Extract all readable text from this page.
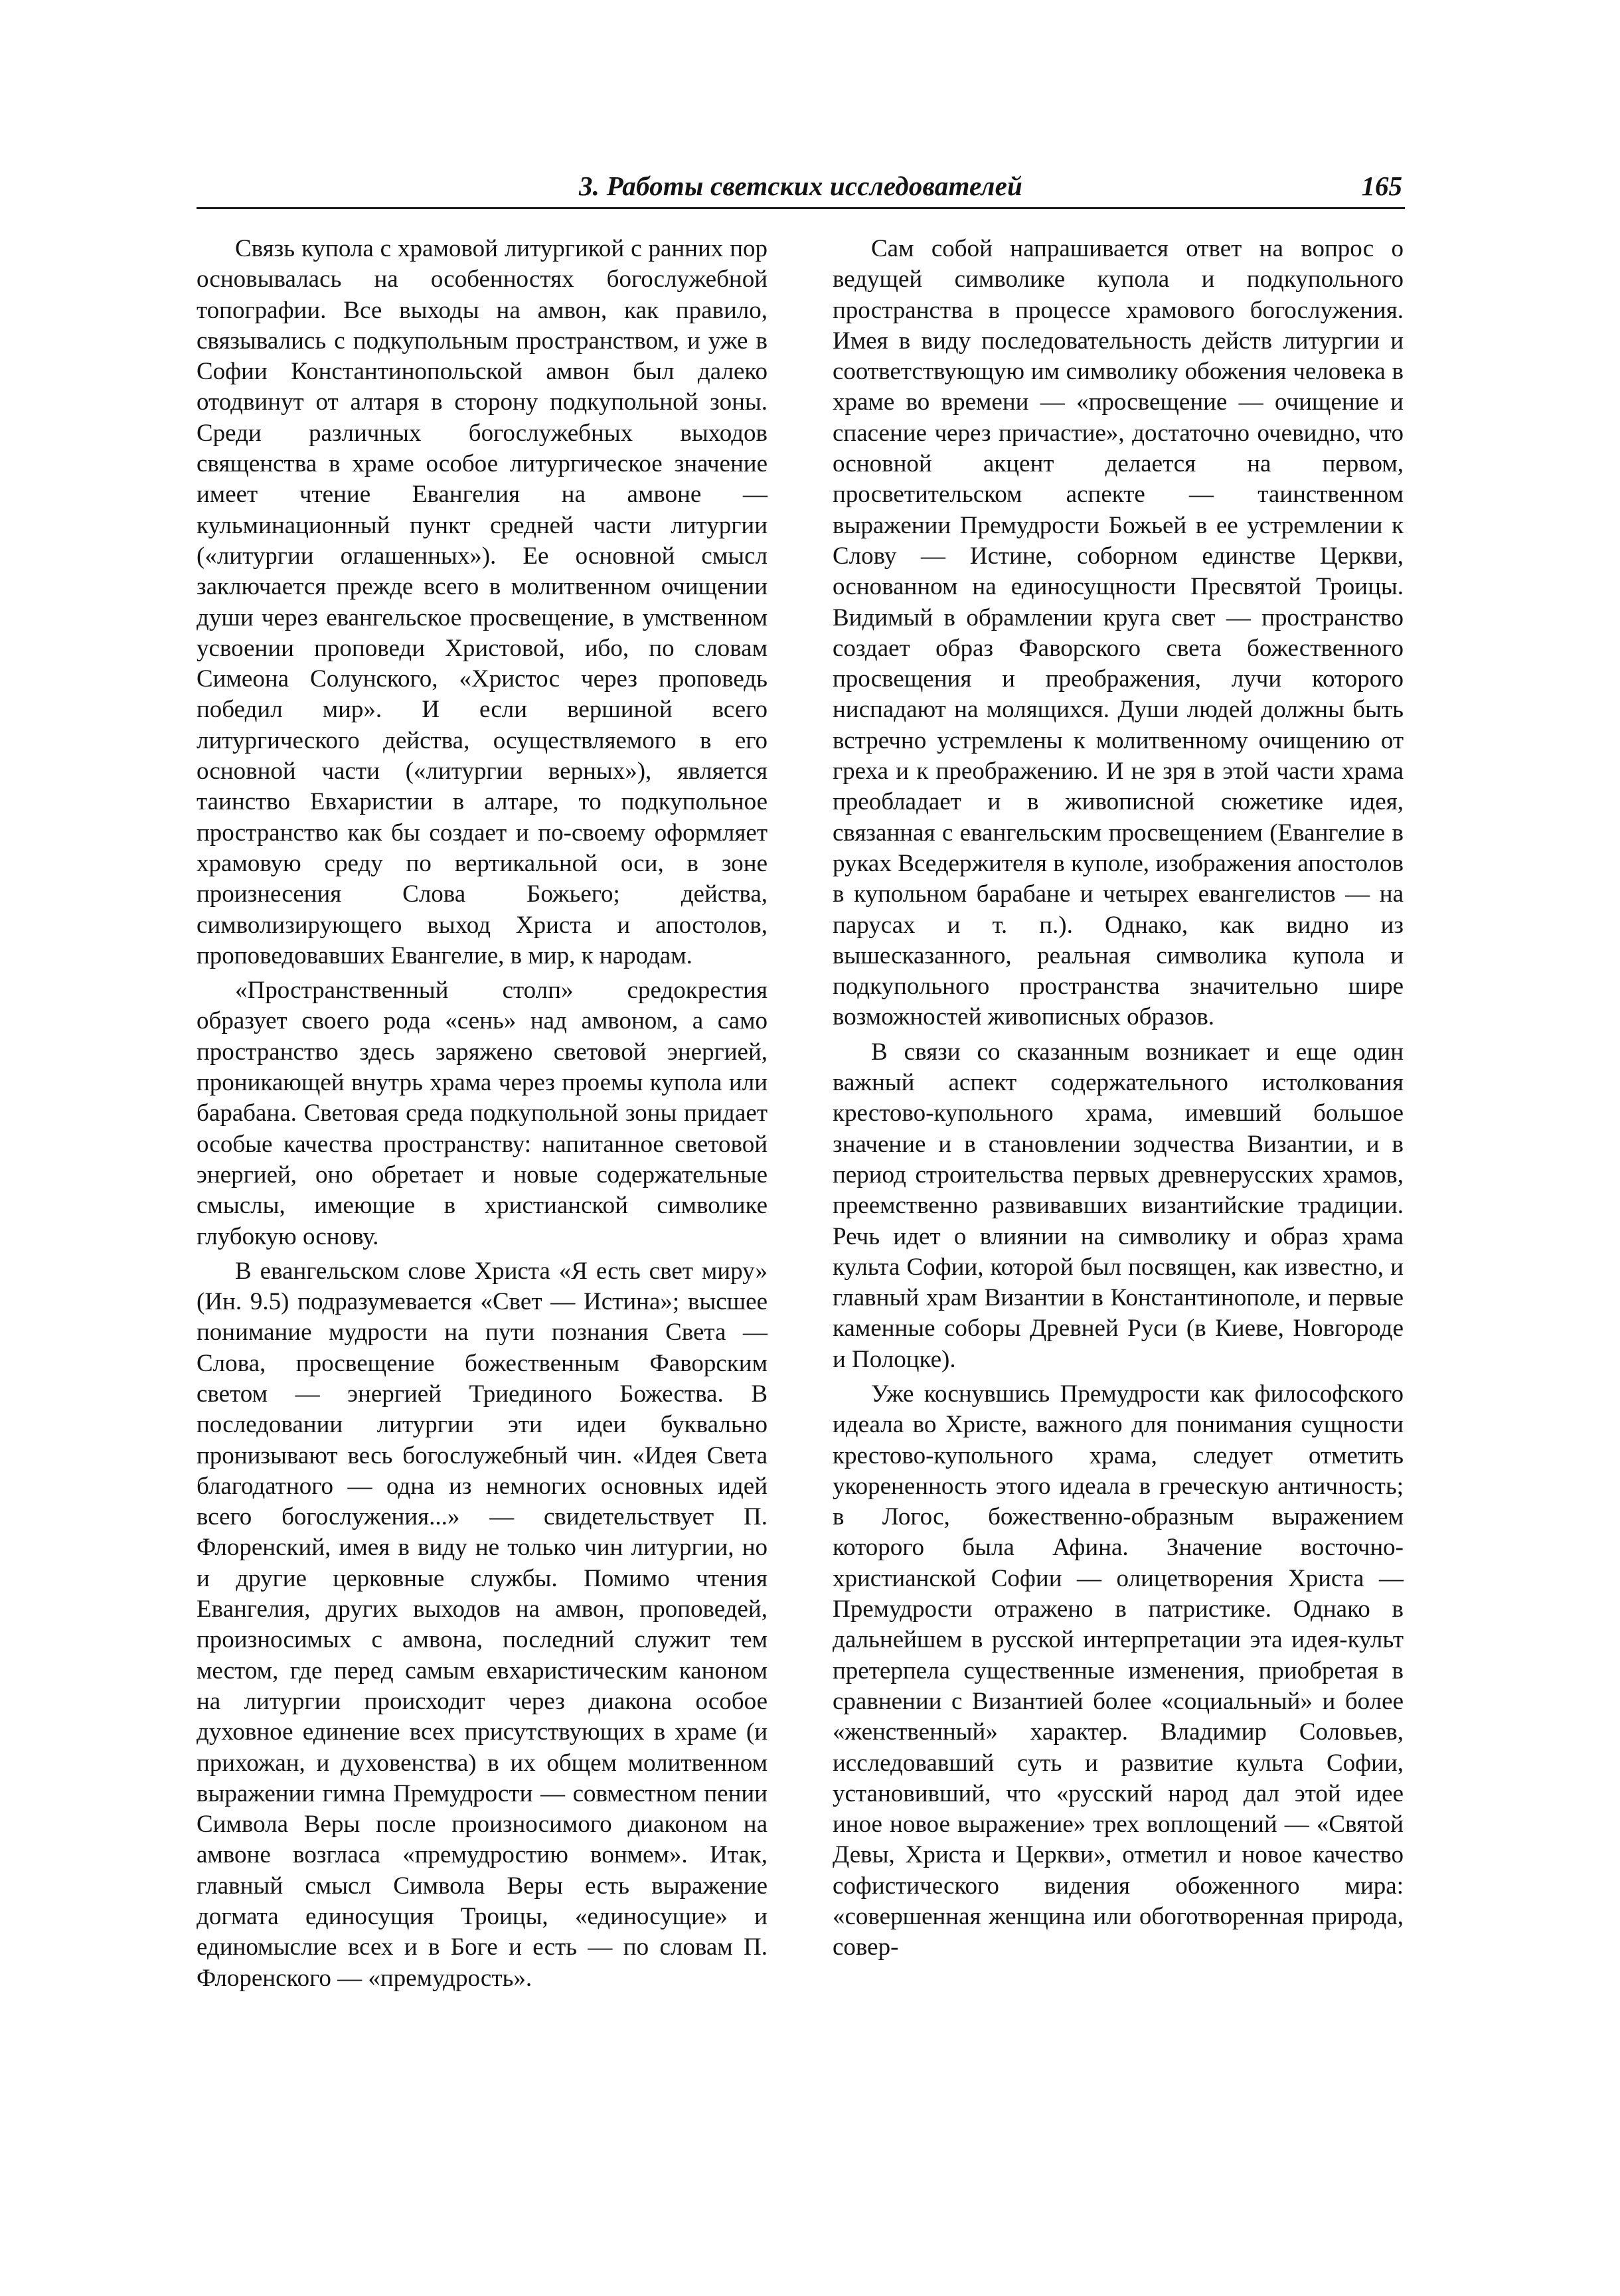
3. Работы светских исследователей	165

Связь купола с храмовой литургикой с ранних пор основывалась на особенностях богослужебной топографии. Все выходы на амвон, как правило, связывались с подкупольным пространством, и уже в Софии Константинопольской амвон был далеко отодвинут от алтаря в сторону подкупольной зоны. Среди различных богослужебных выходов священства в храме особое литургическое значение имеет чтение Евангелия на амвоне — кульминационный пункт средней части литургии («литургии оглашенных»). Ее основной смысл заключается прежде всего в молитвенном очищении души через евангельское просвещение, в умственном усвоении проповеди Христовой, ибо, по словам Симеона Солунского, «Христос через проповедь победил мир». И если вершиной всего литургического действа, осуществляемого в его основной части («литургии верных»), является таинство Евхаристии в алтаре, то подкупольное пространство как бы создает и по-своему оформляет храмовую среду по вертикальной оси, в зоне произнесения Слова Божьего; действа, символизирующего выход Христа и апостолов, проповедовавших Евангелие, в мир, к народам.

«Пространственный столп» средокрестия образует своего рода «сень» над амвоном, а само пространство здесь заряжено световой энергией, проникающей внутрь храма через проемы купола или барабана. Световая среда подкупольной зоны придает особые качества пространству: напитанное световой энергией, оно обретает и новые содержательные смыслы, имеющие в христианской символике глубокую основу.

В евангельском слове Христа «Я есть свет миру» (Ин. 9.5) подразумевается «Свет — Истина»; высшее понимание мудрости на пути познания Света — Слова, просвещение божественным Фаворским светом — энергией Триединого Божества. В последовании литургии эти идеи буквально пронизывают весь богослужебный чин. «Идея Света благодатного — одна из немногих основных идей всего богослужения...» — свидетельствует П. Флоренский, имея в виду не только чин литургии, но и другие церковные службы. Помимо чтения Евангелия, других выходов на амвон, проповедей, произносимых с амвона, последний служит тем местом, где перед самым евхаристическим каноном на литургии происходит через диакона особое духовное единение всех присутствующих в храме (и прихожан, и духовенства) в их общем молитвенном выражении гимна Премудрости — совместном пении Символа Веры после произносимого диаконом на амвоне возгласа «премудростию вонмем». Итак, главный смысл Символа Веры есть выражение догмата единосущия Троицы, «единосущие» и единомыслие всех и в Боге и есть — по словам П. Флоренского — «премудрость».

Сам собой напрашивается ответ на вопрос о ведущей символике купола и подкупольного пространства в процессе храмового богослужения. Имея в виду последовательность действ литургии и соответствующую им символику обожения человека в храме во времени — «просвещение — очищение и спасение через причастие», достаточно очевидно, что основной акцент делается на первом, просветительском аспекте — таинственном выражении Премудрости Божьей в ее устремлении к Слову — Истине, соборном единстве Церкви, основанном на единосущности Пресвятой Троицы. Видимый в обрамлении круга свет — пространство создает образ Фаворского света божественного просвещения и преображения, лучи которого ниспадают на молящихся. Души людей должны быть встречно устремлены к молитвенному очищению от греха и к преображению. И не зря в этой части храма преобладает и в живописной сюжетике идея, связанная с евангельским просвещением (Евангелие в руках Вседержителя в куполе, изображения апостолов в купольном барабане и четырех евангелистов — на парусах и т. п.). Однако, как видно из вышесказанного, реальная символика купола и подкупольного пространства значительно шире возможностей живописных образов.

В связи со сказанным возникает и еще один важный аспект содержательного истолкования крестово-купольного храма, имевший большое значение и в становлении зодчества Византии, и в период строительства первых древнерусских храмов, преемственно развивавших византийские традиции. Речь идет о влиянии на символику и образ храма культа Софии, которой был посвящен, как известно, и главный храм Византии в Константинополе, и первые каменные соборы Древней Руси (в Киеве, Новгороде и Полоцке).

Уже коснувшись Премудрости как философского идеала во Христе, важного для понимания сущности крестово-купольного храма, следует отметить укорененность этого идеала в греческую античность; в Логос, божественно-образным выражением которого была Афина. Значение восточно-христианской Софии — олицетворения Христа — Премудрости отражено в патристике. Однако в дальнейшем в русской интерпретации эта идея-культ претерпела существенные изменения, приобретая в сравнении с Византией более «социальный» и более «женственный» характер. Владимир Соловьев, исследовавший суть и развитие культа Софии, установивший, что «русский народ дал этой идее иное новое выражение» трех воплощений — «Святой Девы, Христа и Церкви», отметил и новое качество софистического видения обоженного мира: «совершенная женщина или обоготворенная природа, совер-
